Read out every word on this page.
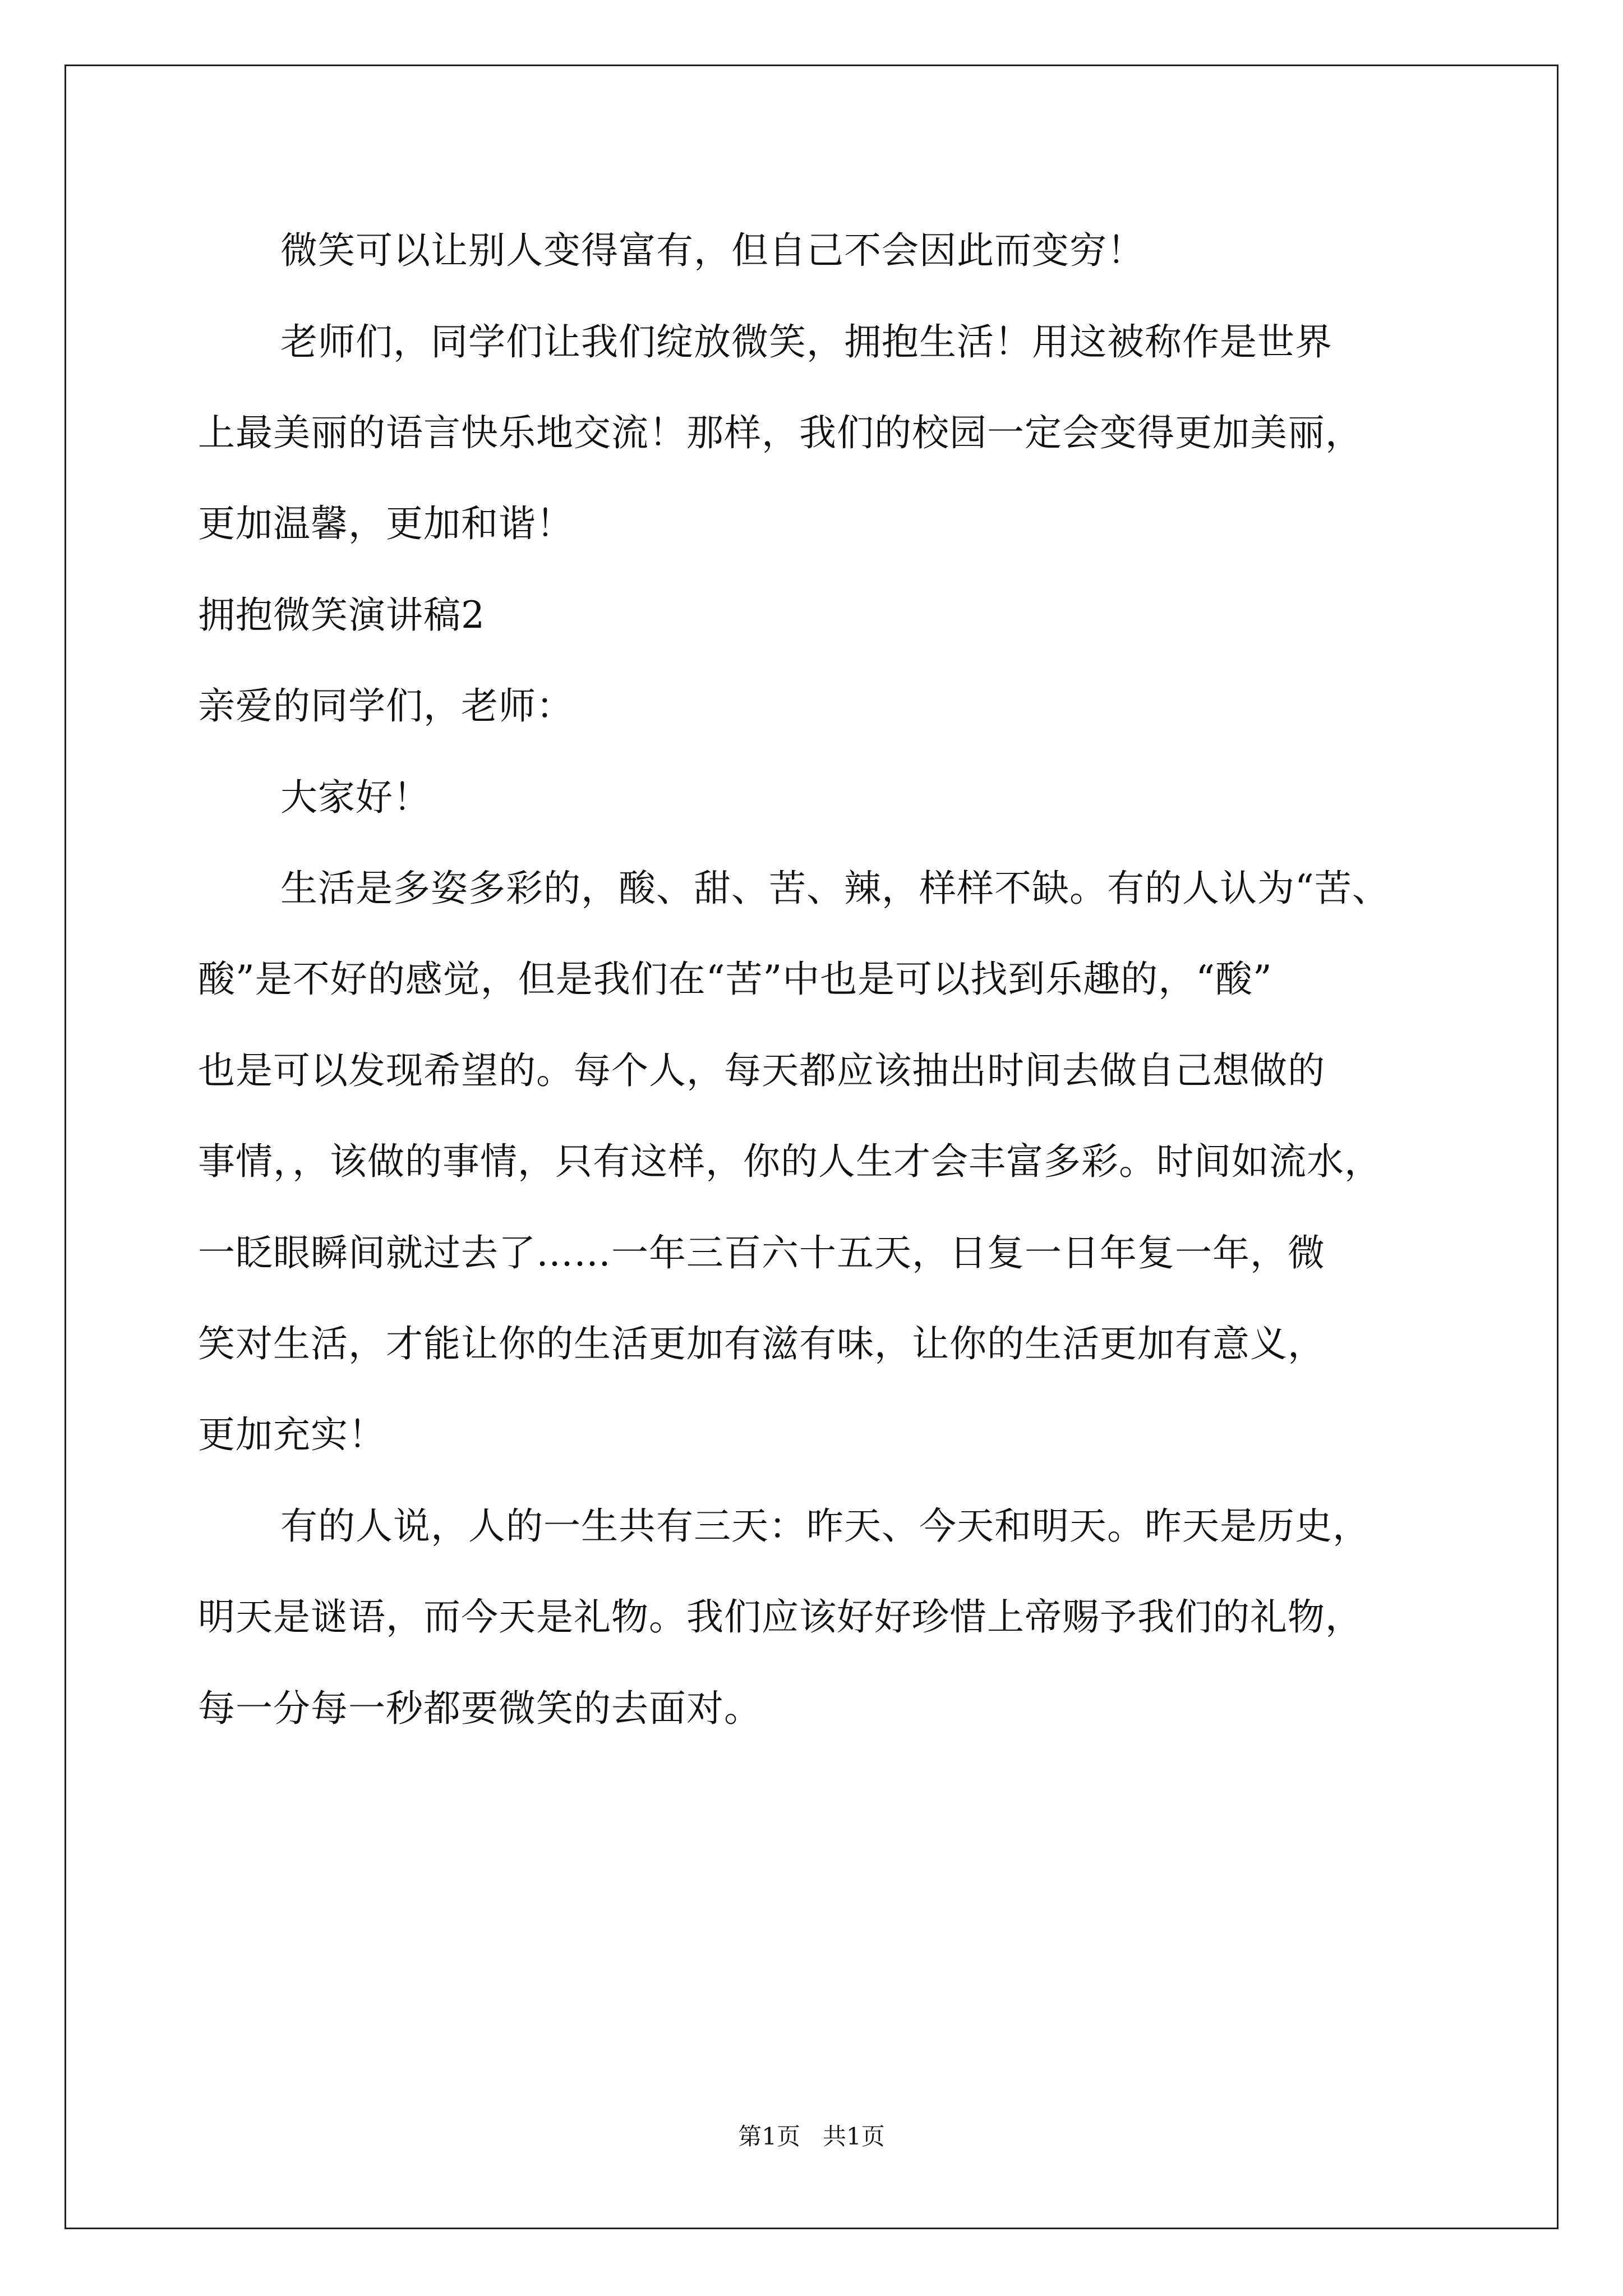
微笑可以让别人变得富有，但自己不会因此而变穷！
老师们，同学们让我们绽放微笑，拥抱生活！用这被称作是世界
上最美丽的语言快乐地交流！那样，我们的校园一定会变得更加美丽，
更加温馨，更加和谐！
拥抱微笑演讲稿2
亲爱的同学们，老师：
大家好！
生活是多姿多彩的，酸、甜、苦、辣，样样不缺。有的人认为“苦、
酸”是不好的感觉，但是我们在“苦”中也是可以找到乐趣的，“酸”
也是可以发现希望的。每个人，每天都应该抽出时间去做自己想做的
事情，，该做的事情，只有这样，你的人生才会丰富多彩。时间如流水，
一眨眼瞬间就过去了……一年三百六十五天，日复一日年复一年，微
笑对生活，才能让你的生活更加有滋有味，让你的生活更加有意义，
更加充实！
有的人说，人的一生共有三天：昨天、今天和明天。昨天是历史，
明天是谜语，而今天是礼物。我们应该好好珍惜上帝赐予我们的礼物，
每一分每一秒都要微笑的去面对。
第1页   共1页
